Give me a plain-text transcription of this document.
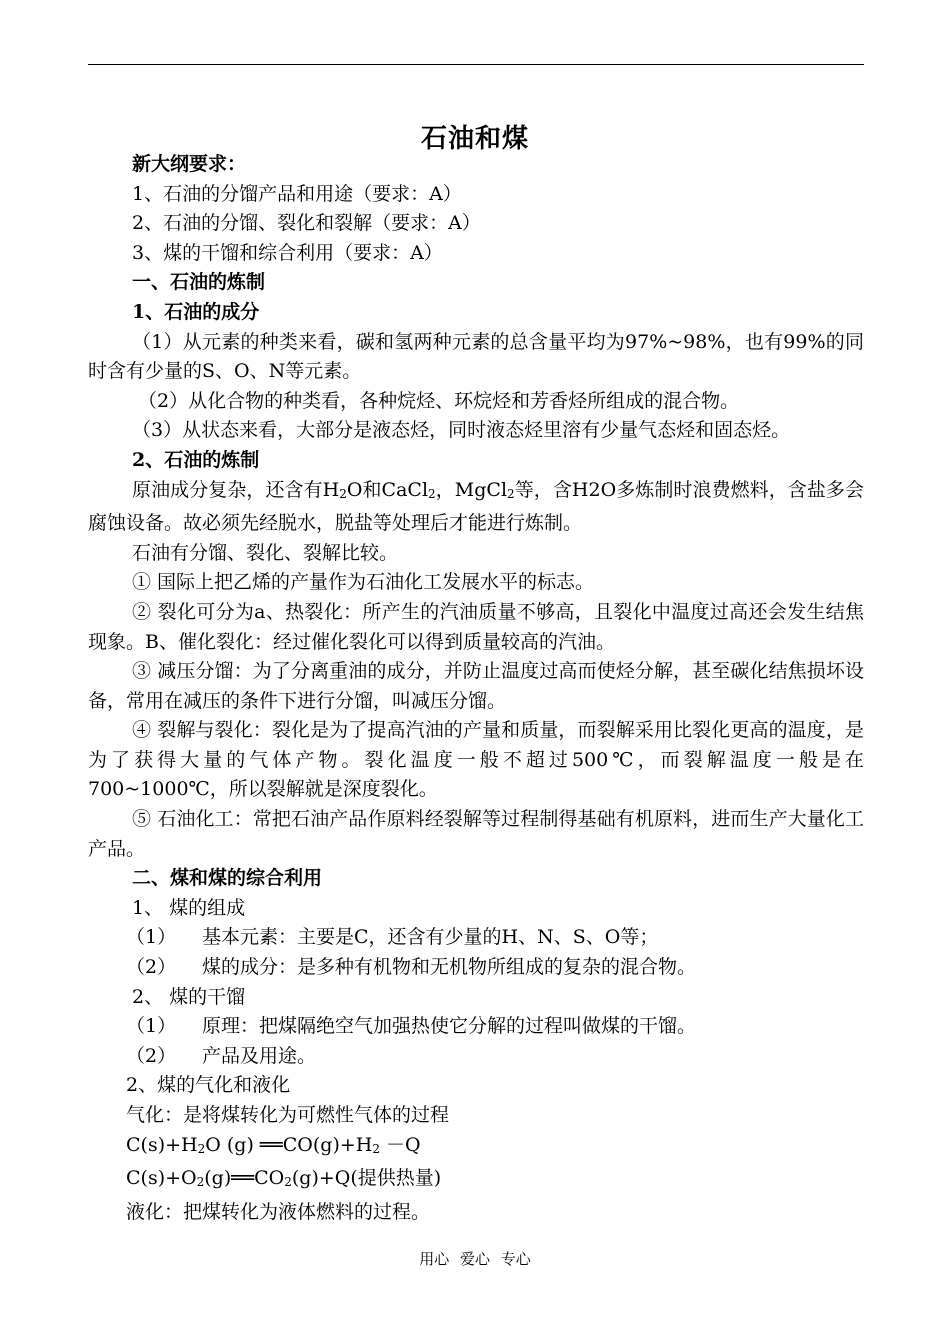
石油和煤

新大纲要求：

1、石油的分馏产品和用途（要求：A）

2、石油的分馏、裂化和裂解（要求：A）

3、煤的干馏和综合利用（要求：A）

一、石油的炼制

1、石油的成分

（1）从元素的种类来看，碳和氢两种元素的总含量平均为97%~98%，也有99%的同时含有少量的S、O、N等元素。

（2）从化合物的种类看，各种烷烃、环烷烃和芳香烃所组成的混合物。

（3）从状态来看，大部分是液态烃，同时液态烃里溶有少量气态烃和固态烃。

2、石油的炼制

原油成分复杂，还含有H2O和CaCl2，MgCl2等，含H2O多炼制时浪费燃料，含盐多会腐蚀设备。故必须先经脱水，脱盐等处理后才能进行炼制。

石油有分馏、裂化、裂解比较。

① 国际上把乙烯的产量作为石油化工发展水平的标志。

② 裂化可分为a、热裂化：所产生的汽油质量不够高，且裂化中温度过高还会发生结焦现象。B、催化裂化：经过催化裂化可以得到质量较高的汽油。

③ 减压分馏：为了分离重油的成分，并防止温度过高而使烃分解，甚至碳化结焦损坏设备，常用在减压的条件下进行分馏，叫减压分馏。

④ 裂解与裂化：裂化是为了提高汽油的产量和质量，而裂解采用比裂化更高的温度，是为了获得大量的气体产物。裂化温度一般不超过500℃，而裂解温度一般是在700~1000℃，所以裂解就是深度裂化。

⑤ 石油化工：常把石油产品作原料经裂解等过程制得基础有机原料，进而生产大量化工产品。

二、煤和煤的综合利用

1、 煤的组成

（1） 基本元素：主要是C，还含有少量的H、N、S、O等；

（2） 煤的成分：是多种有机物和无机物所组成的复杂的混合物。

2、 煤的干馏

（1） 原理：把煤隔绝空气加强热使它分解的过程叫做煤的干馏。

（2） 产品及用途。

2、煤的气化和液化

气化：是将煤转化为可燃性气体的过程

C(s)+H2O (g) ══CO(g)+H2 －Q

C(s)+O2(g)══CO2(g)+Q(提供热量)

液化：把煤转化为液体燃料的过程。

用心 爱心 专心
